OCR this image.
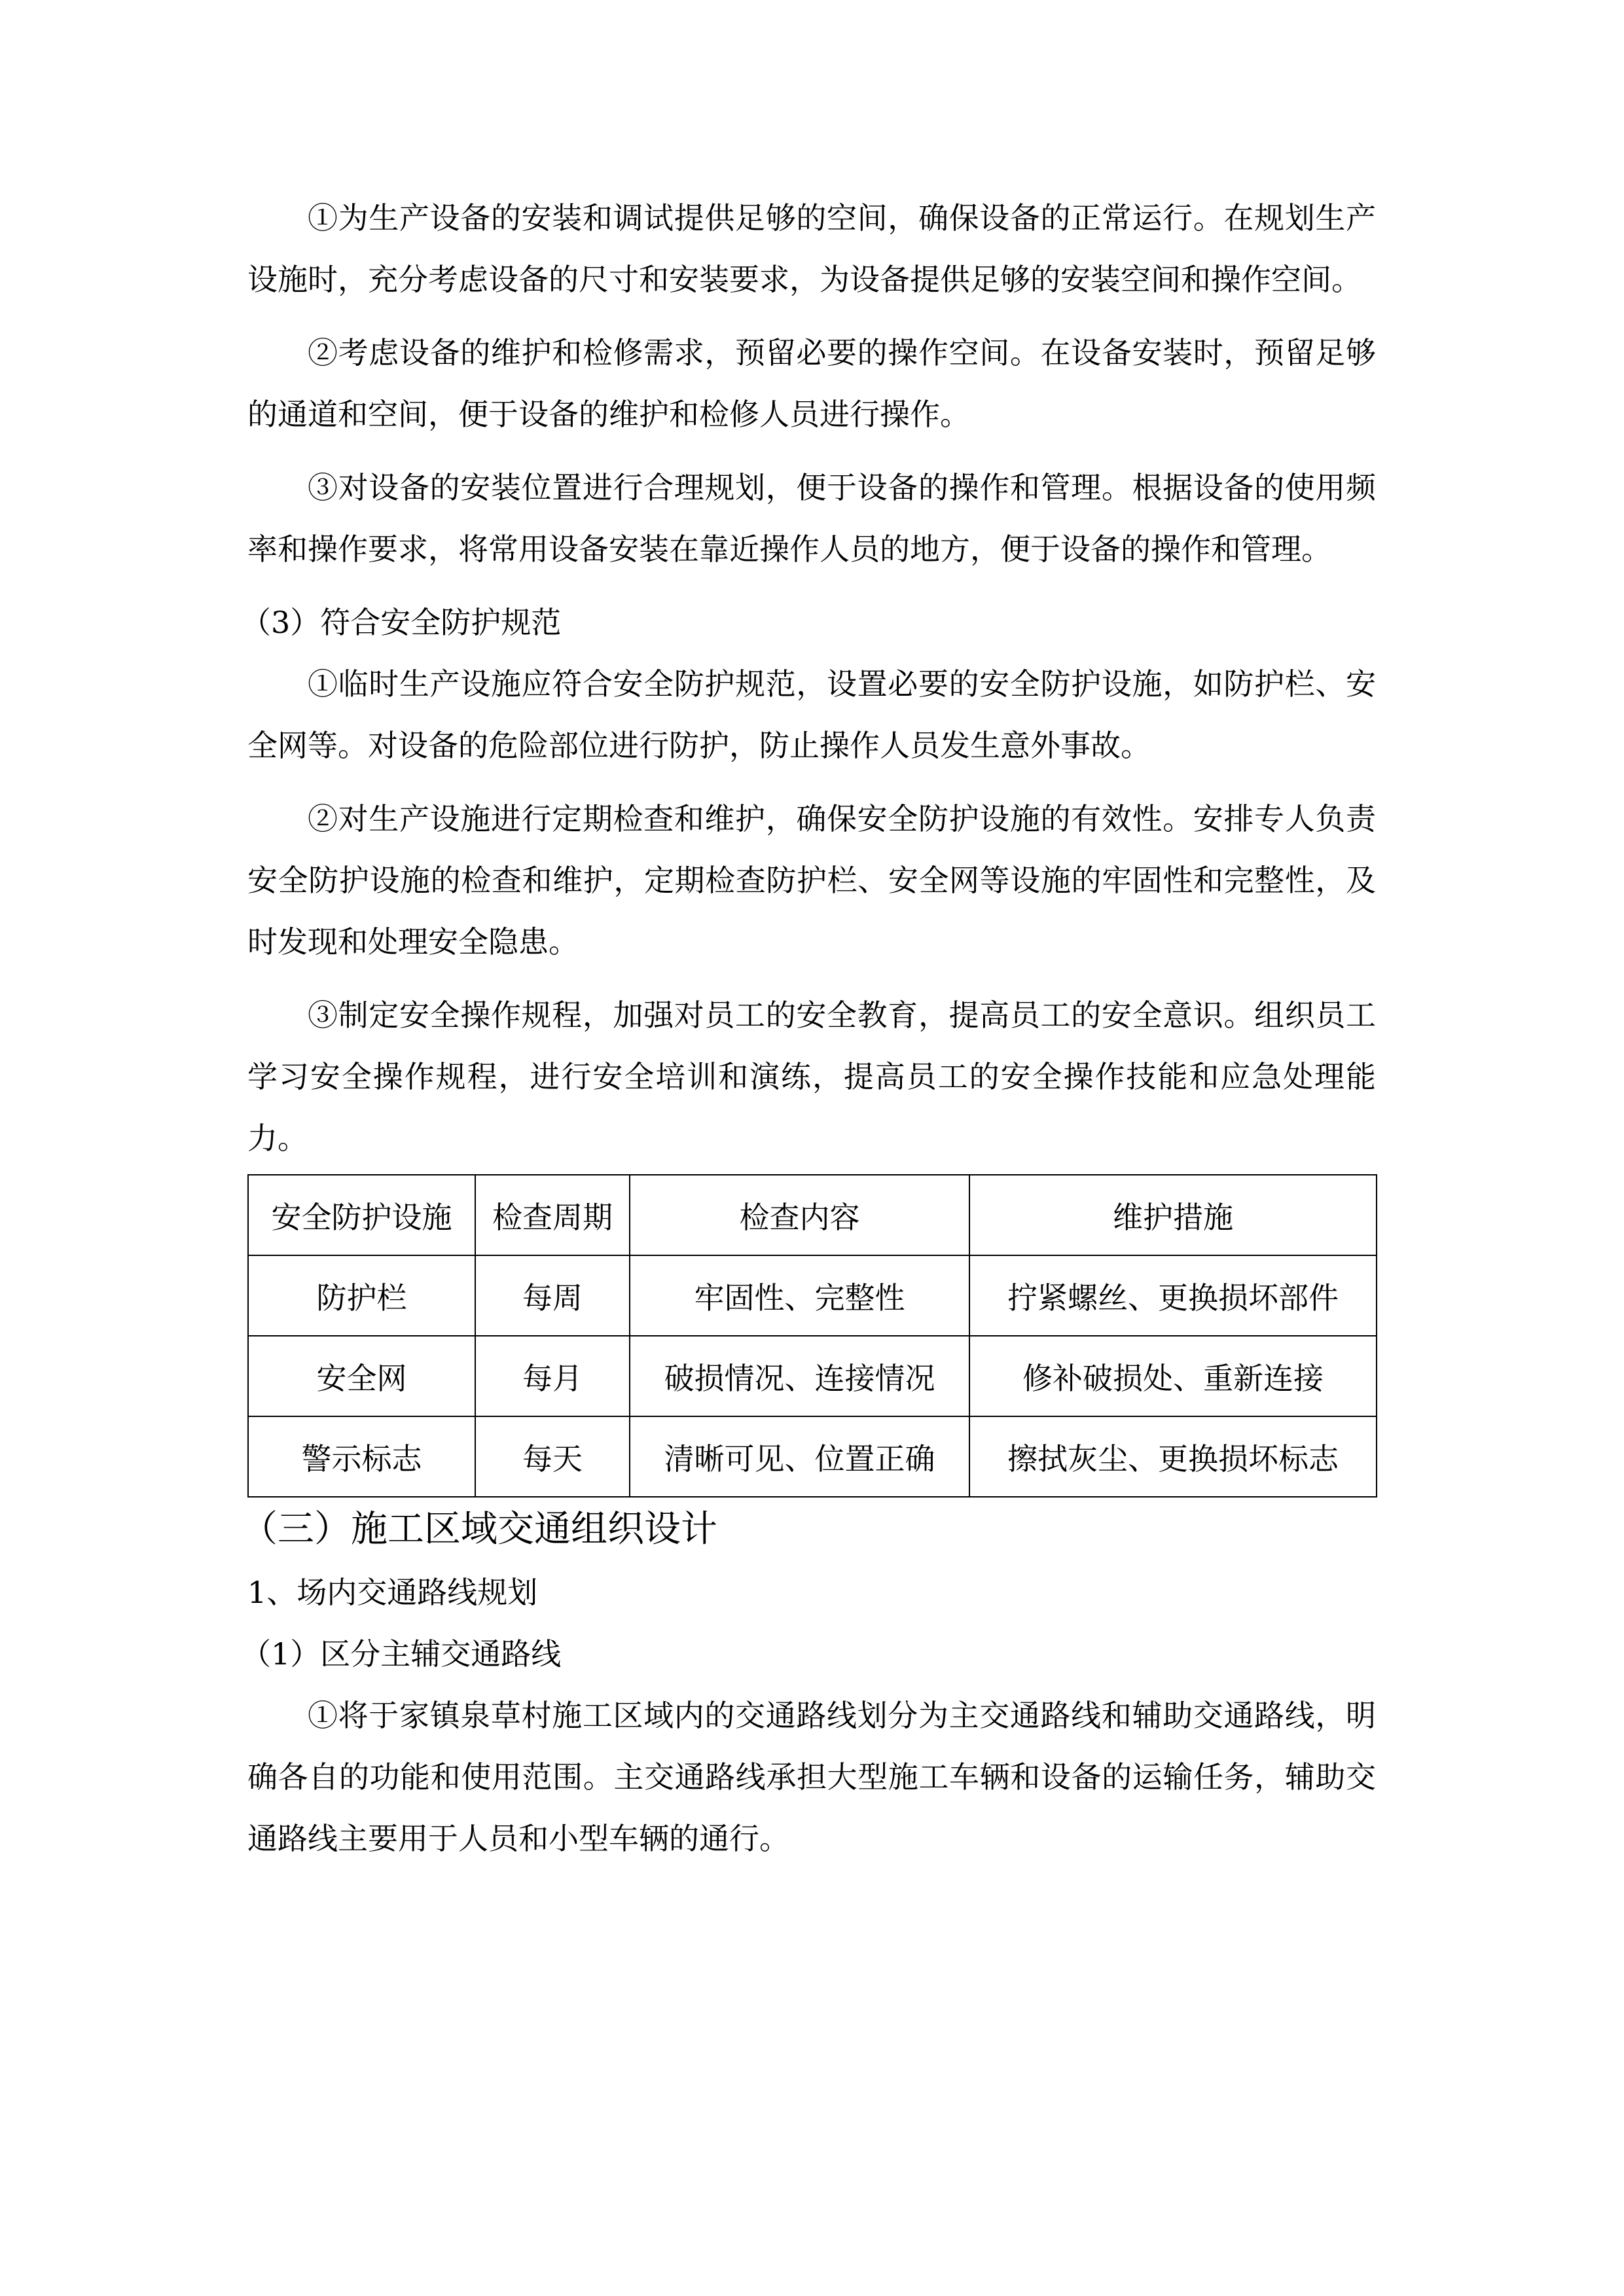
①为生产设备的安装和调试提供足够的空间，确保设备的正常运行。在规划生产设施时，充分考虑设备的尺寸和安装要求，为设备提供足够的安装空间和操作空间。

②考虑设备的维护和检修需求，预留必要的操作空间。在设备安装时，预留足够的通道和空间，便于设备的维护和检修人员进行操作。

③对设备的安装位置进行合理规划，便于设备的操作和管理。根据设备的使用频率和操作要求，将常用设备安装在靠近操作人员的地方，便于设备的操作和管理。

（3）符合安全防护规范

①临时生产设施应符合安全防护规范，设置必要的安全防护设施，如防护栏、安全网等。对设备的危险部位进行防护，防止操作人员发生意外事故。

②对生产设施进行定期检查和维护，确保安全防护设施的有效性。安排专人负责安全防护设施的检查和维护，定期检查防护栏、安全网等设施的牢固性和完整性，及时发现和处理安全隐患。

③制定安全操作规程，加强对员工的安全教育，提高员工的安全意识。组织员工学习安全操作规程，进行安全培训和演练，提高员工的安全操作技能和应急处理能力。

安全防护设施	检查周期	检查内容	维护措施
防护栏	每周	牢固性、完整性	拧紧螺丝、更换损坏部件
安全网	每月	破损情况、连接情况	修补破损处、重新连接
警示标志	每天	清晰可见、位置正确	擦拭灰尘、更换损坏标志

（三）施工区域交通组织设计

1、场内交通路线规划

（1）区分主辅交通路线

①将于家镇泉草村施工区域内的交通路线划分为主交通路线和辅助交通路线，明确各自的功能和使用范围。主交通路线承担大型施工车辆和设备的运输任务，辅助交通路线主要用于人员和小型车辆的通行。
